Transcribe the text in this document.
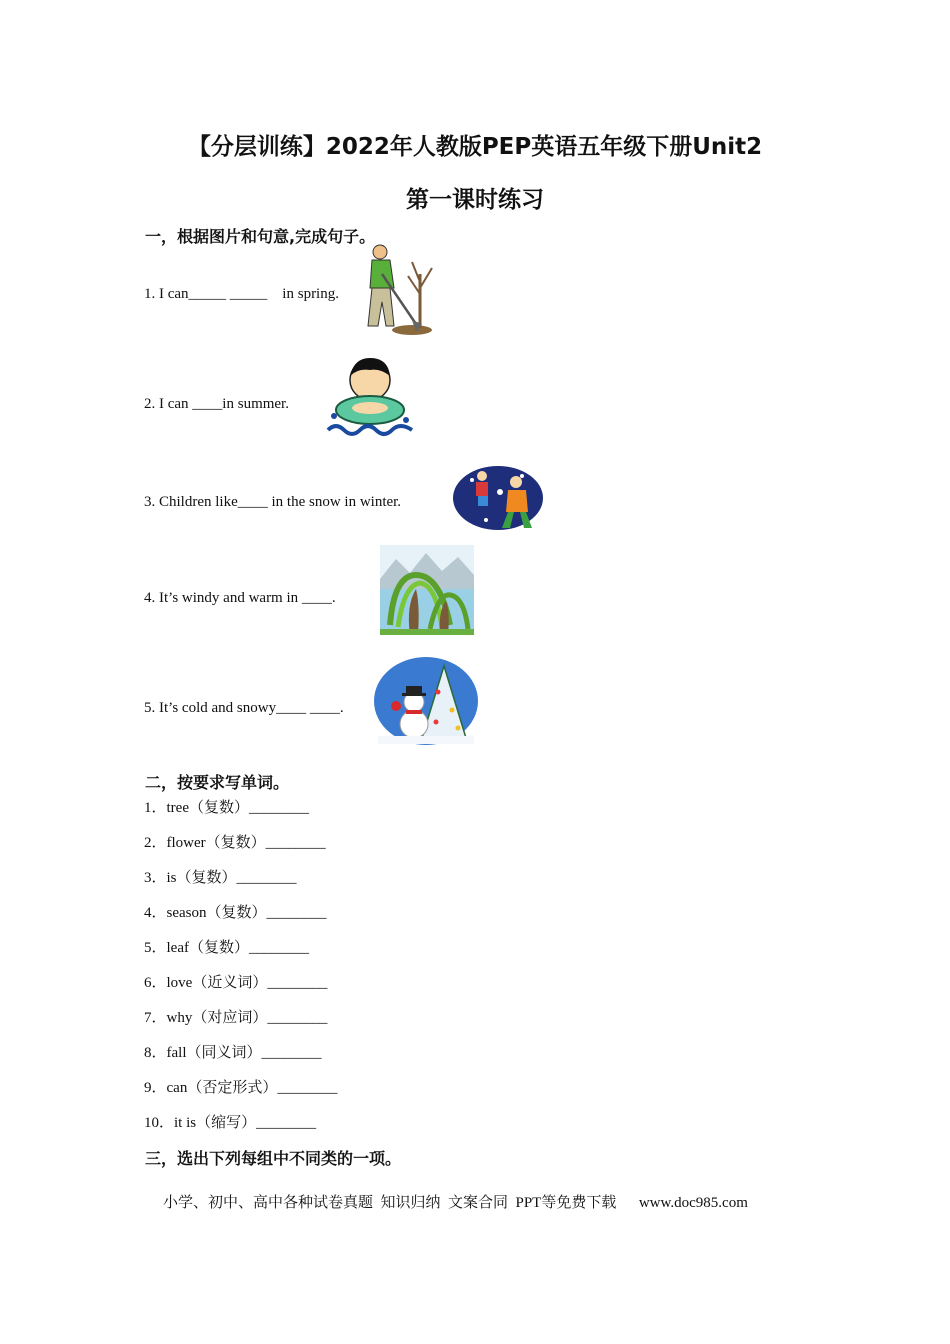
【分层训练】2022年人教版PEP英语五年级下册Unit2
第一课时练习
一，根据图片和句意,完成句子。
1. I can_____ _____    in spring.
2. I can ____in summer.
3. Children like____ in the snow in winter.
4. It’s windy and warm in ____.
5. It’s cold and snowy____ ____.
二，按要求写单词。
1．tree（复数）________
2．flower（复数）________
3．is（复数）________
4．season（复数）________
5．leaf（复数）________
6．love（近义词）________
7．why（对应词）________
8．fall（同义词）________
9．can（否定形式）________
10．it is（缩写）________
三，选出下列每组中不同类的一项。
小学、初中、高中各种试卷真题  知识归纳  文案合同  PPT等免费下载      www.doc985.com
